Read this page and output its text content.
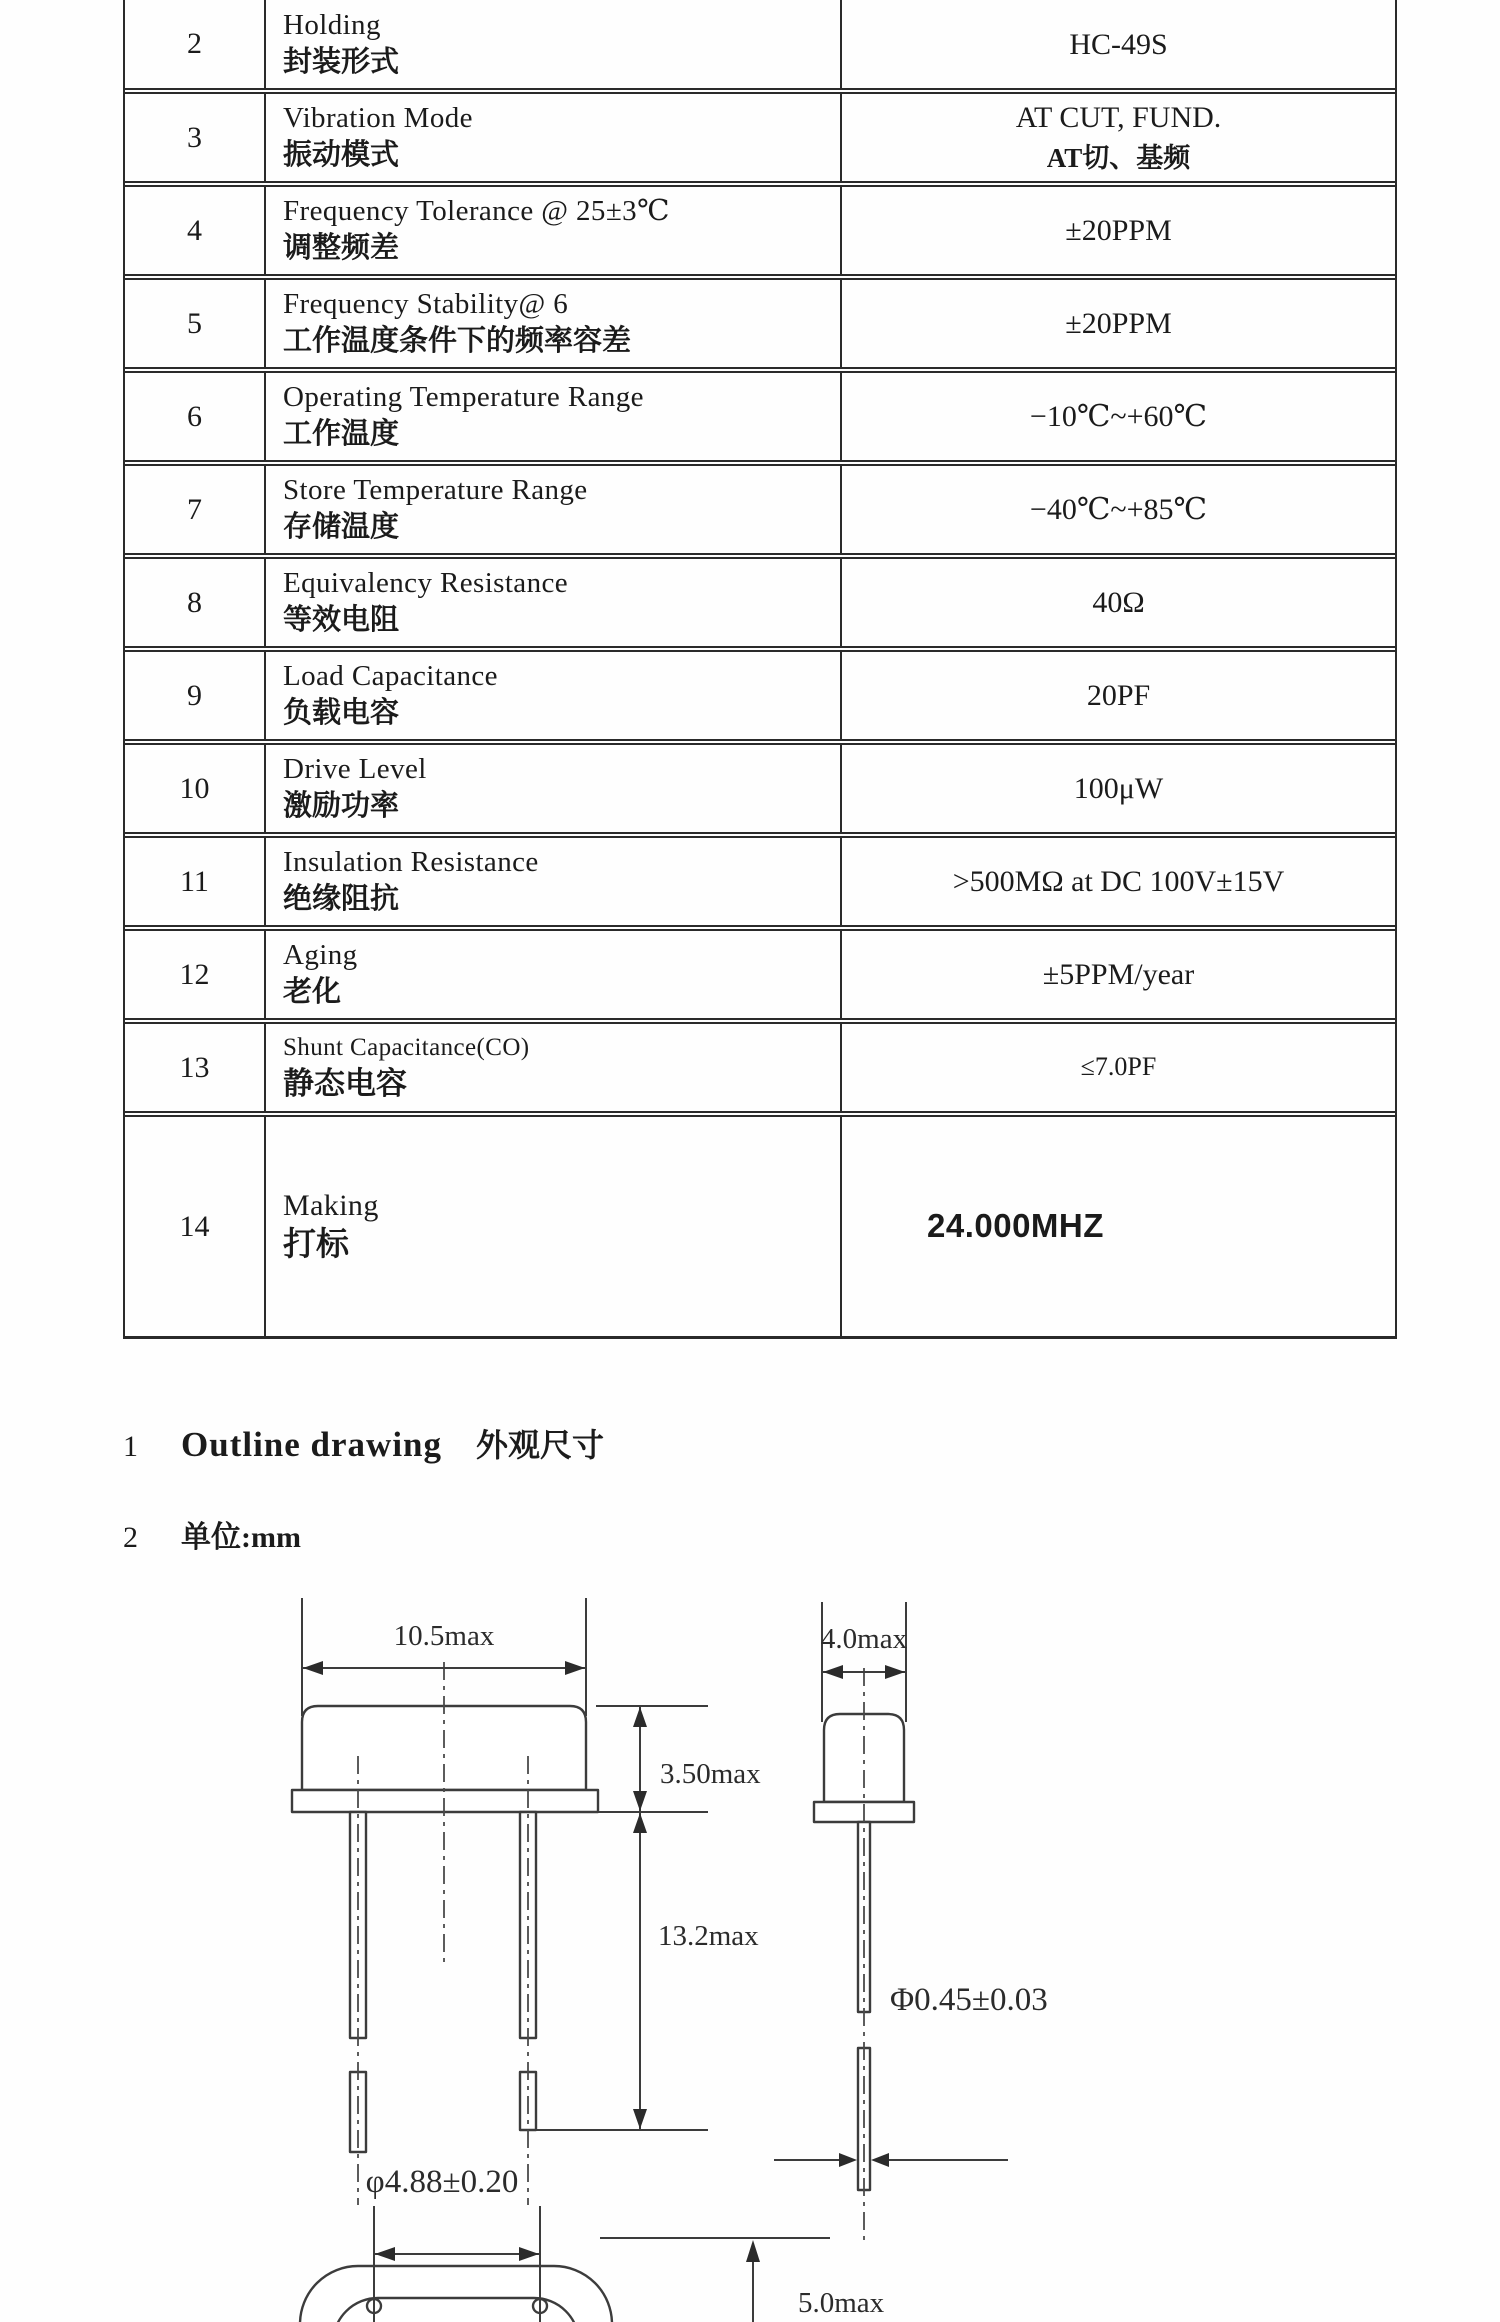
2
Holding
封装形式
HC-49S
3
Vibration Mode
振动模式
AT CUT, FUND.
AT切、基频
4
Frequency Tolerance @ 25±3℃
调整频差
±20PPM
5
Frequency Stability@ 6
工作温度条件下的频率容差
±20PPM
6
Operating Temperature Range
工作温度
−10℃~+60℃
7
Store Temperature Range
存储温度
−40℃~+85℃
8
Equivalency Resistance
等效电阻
40Ω
9
Load Capacitance
负载电容
20PF
10
Drive Level
激励功率
100μW
11
Insulation Resistance
绝缘阻抗
>500MΩ at DC 100V±15V
12
Aging
老化
±5PPM/year
13
Shunt Capacitance(CO)
静态电容	≤7.0PF
14
Making
打标
24.000MHZ
1 Outline drawing 外观尺寸
2 单位:mm
10.5max
3.50max
13.2max
4.0max
Φ0.45±0.03
φ4.88±0.20
5.0max
